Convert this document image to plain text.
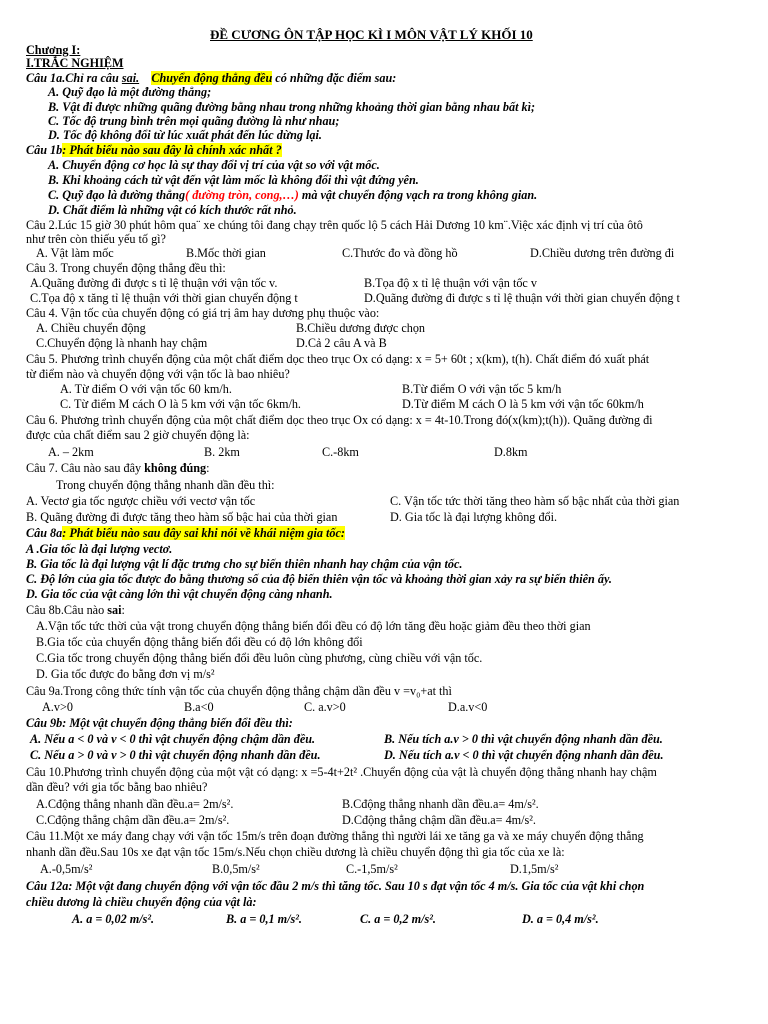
ĐỀ CƯƠNG ÔN TẬP HỌC KÌ I MÔN VẬT LÝ KHỐI 10
Chương I:
I.TRẮC NGHIỆM
Câu 1a.Chỉ ra câu sai. Chuyển động thẳng đều có những đặc điểm sau:
A. Quỹ đạo là một đường thẳng;
B. Vật đi được những quãng đường bằng nhau trong những khoảng thời gian bằng nhau bất kì;
C. Tốc độ trung bình trên mọi quãng đường là như nhau;
D. Tốc độ không đổi từ lúc xuất phát đến lúc dừng lại.
Câu 1b: Phát biểu nào sau đây là chính xác nhất ?
A. Chuyển động cơ học là sự thay đổi vị trí của vật so với vật mốc.
B. Khi khoảng cách từ vật đến vật làm mốc là không đổi thì vật đứng yên.
C. Quỹ đạo là đường thẳng( đường tròn, cong,…) mà vật chuyển động vạch ra trong không gian.
D. Chất điểm là những vật có kích thước rất nhỏ.
Câu 2.Lúc 15 giờ 30 phút hôm qua¨ xe chúng tôi đang chạy trên quốc lộ 5 cách Hải Dương 10 km¨.Việc xác định vị trí của ôtô
như trên còn thiếu yếu tố gì?
A. Vật làm mốc	B.Mốc thời gian	C.Thước đo và đồng hồ	D.Chiều dương trên đường đi
Câu 3. Trong chuyển động thẳng đều thì:
A.Quãng đường đi được s tỉ lệ thuận với vận tốc v.	B.Tọa độ x tỉ lệ thuận với vận tốc v
C.Tọa độ x tăng tỉ lệ thuận với thời gian chuyển động t	D.Quãng đường đi được s tỉ lệ thuận với thời gian chuyển động t
Câu 4. Vận tốc của chuyển động có giá trị âm hay dương phụ thuộc vào:
A. Chiều chuyển động	B.Chiều dương được chọn
C.Chuyển động là nhanh hay chậm	D.Cả 2 câu A và B
Câu 5. Phương trình chuyển động của một chất điểm dọc theo trục Ox có dạng: x = 5+ 60t ; x(km), t(h). Chất điểm đó xuất phát
từ điểm nào và chuyển động với vận tốc là bao nhiêu?
A. Từ điểm O với vận tốc 60 km/h.	B.Từ điểm O với vận tốc 5 km/h
C. Từ điểm M cách O là 5 km với vận tốc 6km/h.	D.Từ điểm M cách O là 5 km với vận tốc 60km/h
Câu 6. Phương trình chuyển động của một chất điểm dọc theo trục Ox có dạng: x = 4t-10.Trong đó(x(km);t(h)). Quãng đường đi
được của chất điểm sau 2 giờ chuyển động là:
A. – 2km	B. 2km	C.-8km	D.8km
Câu 7. Câu nào sau đây không đúng:
Trong chuyển động thẳng nhanh dần đều thì:
A. Vectơ gia tốc ngược chiều với vectơ vận tốc	C. Vận tốc tức thời tăng theo hàm số bậc nhất của thời gian
B. Quãng đường đi được tăng theo hàm số bậc hai của thời gian	D. Gia tốc là đại lượng không đổi.
Câu 8a: Phát biểu nào sau đây sai khi nói về khái niệm gia tốc:
A .Gia tốc là đại lượng vectơ.
B. Gia tốc là đại lượng vật lí đặc trưng cho sự biến thiên nhanh hay chậm của vận tốc.
C. Độ lớn của gia tốc được đo bằng thương số của độ biến thiên vận tốc và khoảng thời gian xảy ra sự biến thiên ấy.
D. Gia tốc của vật càng lớn thì vật chuyển động càng nhanh.
Câu 8b.Câu nào sai:
A.Vận tốc tức thời của vật trong chuyển động thẳng biến đổi đều có độ lớn tăng đều hoặc giảm đều theo thời gian
B.Gia tốc của chuyển động thẳng biến đổi đều có độ lớn không đổi
C.Gia tốc trong chuyển động thẳng biến đổi đều luôn cùng phương, cùng chiều với vận tốc.
D. Gia tốc được đo bằng đơn vị m/s²
Câu 9a.Trong công thức tính vận tốc của chuyển động thẳng chậm dần đều v =v₀+at thì
A.v>0	B.a<0	C. a.v>0	D.a.v<0
Câu 9b: Một vật chuyển động thẳng biến đổi đều thì:
A. Nếu a < 0 và v < 0 thì vật chuyển động chậm dần đều.	B. Nếu tích a.v > 0 thì vật chuyển động nhanh dần đều.
C. Nếu a > 0 và v > 0 thì vật chuyển động nhanh dần đều.	D. Nếu tích a.v < 0 thì vật chuyển động nhanh dần đều.
Câu 10.Phương trình chuyển động của một vật có dạng: x =5-4t+2t² .Chuyển động của vật là chuyển động thẳng nhanh hay chậm
dần đều? với gia tốc bằng bao nhiêu?
A.Cđộng thẳng nhanh dần đều.a= 2m/s².	B.Cđộng thẳng nhanh dần đều.a= 4m/s².
C.Cđộng thẳng chậm dần đều.a= 2m/s².	D.Cđộng thẳng chậm dần đều.a= 4m/s².
Câu 11.Một xe máy đang chạy với vận tốc 15m/s trên đoạn đường thẳng thì người lái xe tăng ga và xe máy chuyển động thẳng
nhanh dần đều.Sau 10s xe đạt vận tốc 15m/s.Nếu chọn chiều dương là chiều chuyển động thì gia tốc của xe là:
A.-0,5m/s²	B.0,5m/s²	C.-1,5m/s²	D.1,5m/s²
Câu 12a: Một vật đang chuyển động với vận tốc đầu 2 m/s thì tăng tốc. Sau 10 s đạt vận tốc 4 m/s. Gia tốc của vật khi chọn
chiều dương là chiều chuyển động của vật là:
A. a = 0,02 m/s².	B. a = 0,1 m/s².	C. a = 0,2 m/s².	D. a = 0,4 m/s².
